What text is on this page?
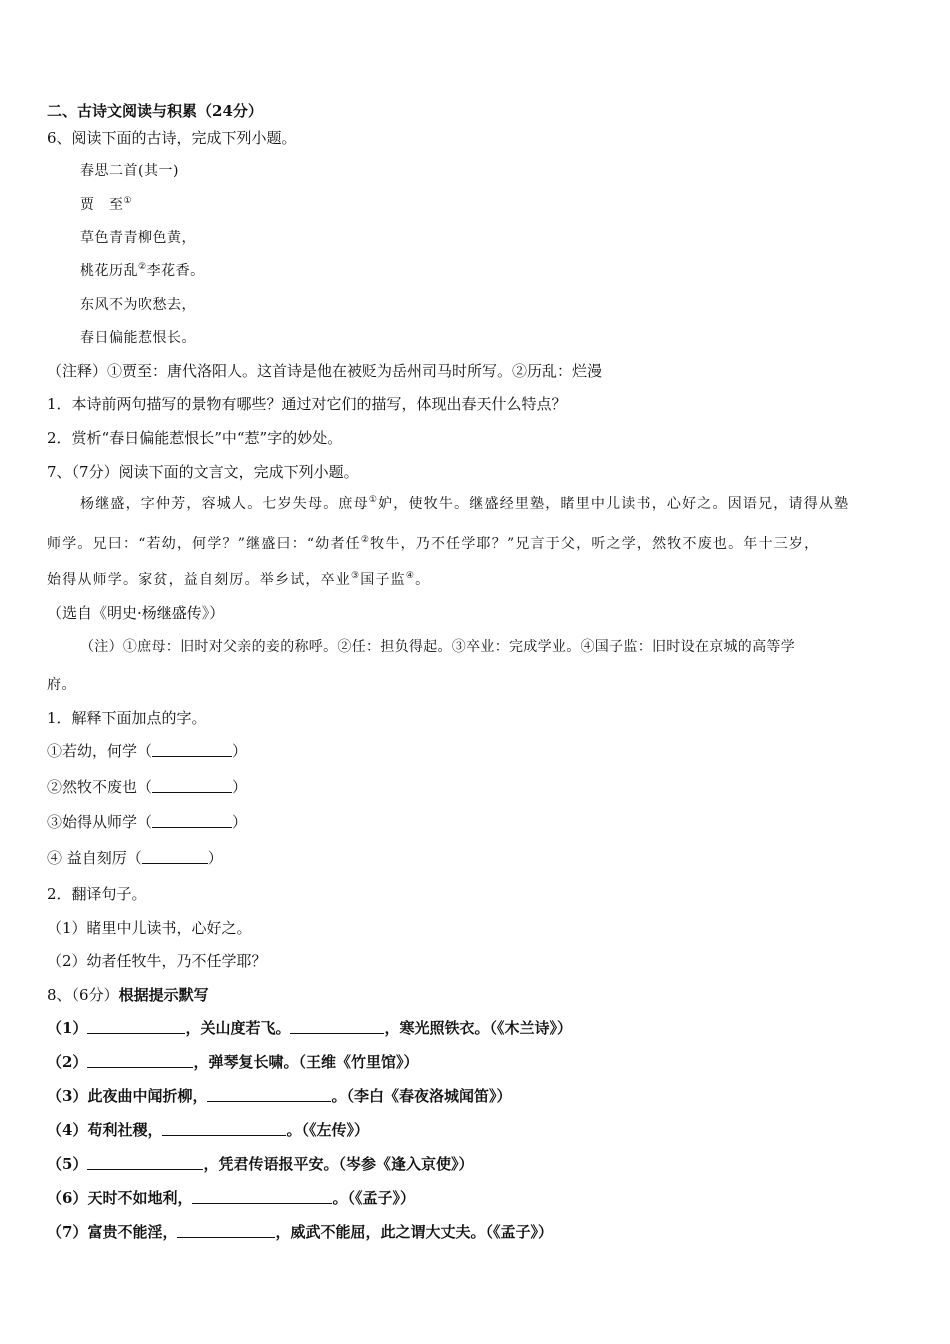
二、古诗文阅读与积累（24分）
6、阅读下面的古诗，完成下列小题。
春思二首(其一)
贾　至①
草色青青柳色黄，
桃花历乱②李花香。
东风不为吹愁去，
春日偏能惹恨长。
（注释）①贾至：唐代洛阳人。这首诗是他在被贬为岳州司马时所写。②历乱：烂漫
1．本诗前两句描写的景物有哪些？通过对它们的描写，体现出春天什么特点？
2．赏析“春日偏能惹恨长”中“惹”字的妙处。
7、（7分）阅读下面的文言文，完成下列小题。
杨继盛，字仲芳，容城人。七岁失母。庶母①妒，使牧牛。继盛经里塾，睹里中儿读书，心好之。因语兄，请得从塾
师学。兄曰：“若幼，何学？”继盛曰：“幼者任②牧牛，乃不任学耶？”兄言于父，听之学，然牧不废也。年十三岁，
始得从师学。家贫，益自刻厉。举乡试，卒业③国子监④。
（选自《明史·杨继盛传》）
（注）①庶母：旧时对父亲的妾的称呼。②任：担负得起。③卒业：完成学业。④国子监：旧时设在京城的高等学
府。
1．解释下面加点的字。
①若幼，何学（	）
②然牧不废也（	）
③始得从师学（	）
④ 益自刻厉（	）
2．翻译句子。
（1）睹里中儿读书，心好之。
（2）幼者任牧牛，乃不任学耶？
8、（6分）根据提示默写
（1）	，关山度若飞。	，寒光照铁衣。（《木兰诗》）
（2）	，弹琴复长啸。（王维《竹里馆》）
（3）此夜曲中闻折柳，	。（李白《春夜洛城闻笛》）
（4）苟利社稷，	。（《左传》）
（5）	，凭君传语报平安。（岑参《逢入京使》）
（6）天时不如地利，	。（《孟子》）
（7）富贵不能淫，	，威武不能屈，此之谓大丈夫。（《孟子》）
